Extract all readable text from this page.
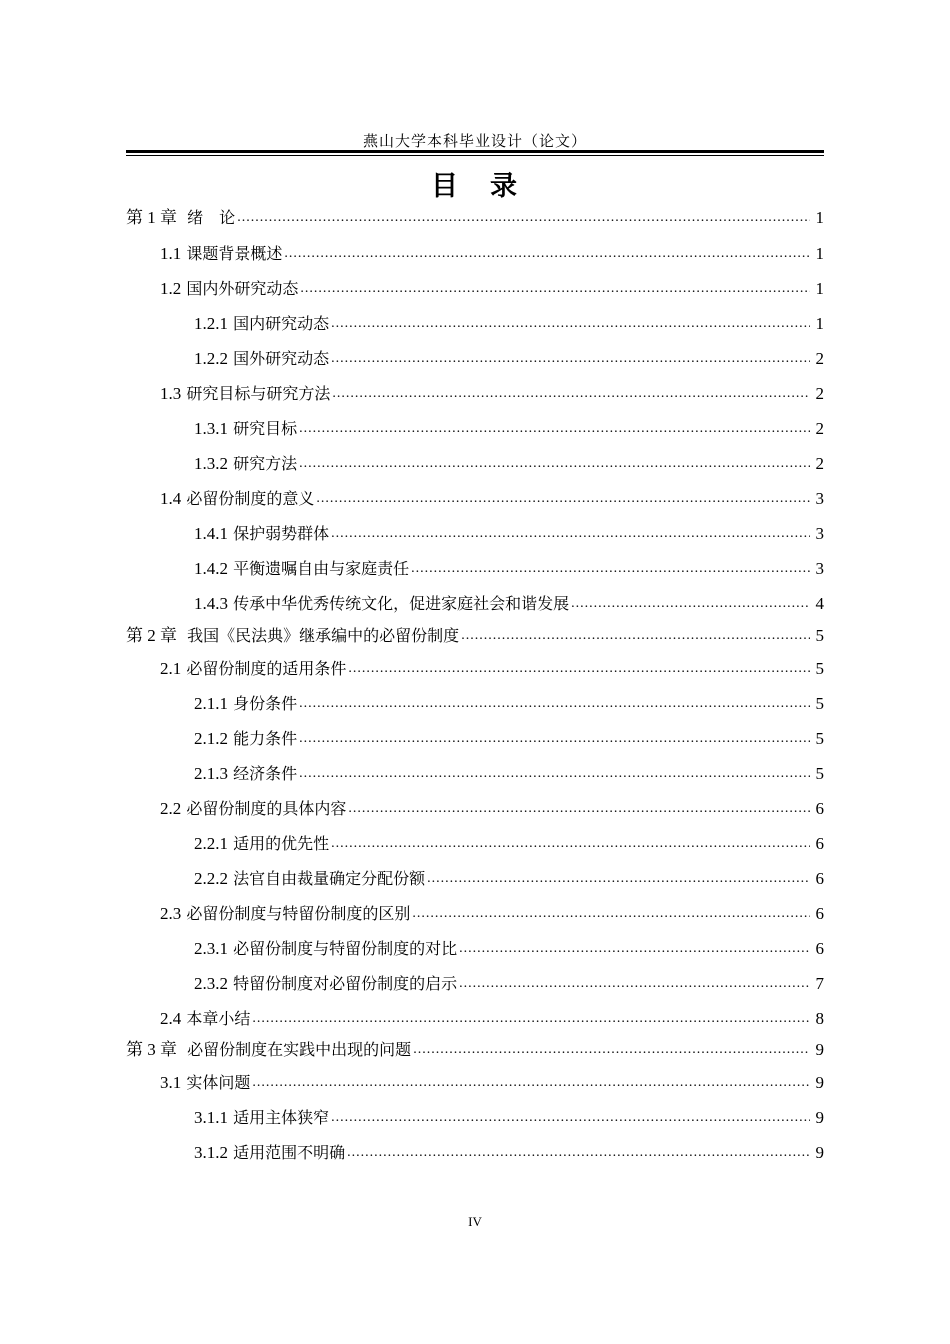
燕山大学本科毕业设计（论文）
目 录
第 1 章 绪　论 .....	1
1.1 课题背景概述 .....	1
1.2 国内外研究动态 .....	1
1.2.1 国内研究动态 .....	1
1.2.2 国外研究动态 .....	2
1.3 研究目标与研究方法 .....	2
1.3.1 研究目标 .....	2
1.3.2 研究方法 .....	2
1.4 必留份制度的意义 .....	3
1.4.1 保护弱势群体 .....	3
1.4.2 平衡遗嘱自由与家庭责任 .....	3
1.4.3 传承中华优秀传统文化，促进家庭社会和谐发展 .....	4
第 2 章 我国《民法典》继承编中的必留份制度 .....	5
2.1 必留份制度的适用条件 .....	5
2.1.1 身份条件 .....	5
2.1.2 能力条件 .....	5
2.1.3 经济条件 .....	5
2.2 必留份制度的具体内容 .....	6
2.2.1 适用的优先性 .....	6
2.2.2 法官自由裁量确定分配份额 .....	6
2.3 必留份制度与特留份制度的区别 .....	6
2.3.1 必留份制度与特留份制度的对比 .....	6
2.3.2 特留份制度对必留份制度的启示 .....	7
2.4 本章小结 .....	8
第 3 章 必留份制度在实践中出现的问题 .....	9
3.1 实体问题 .....	9
3.1.1 适用主体狭窄 .....	9
3.1.2 适用范围不明确 .....	9
IV
